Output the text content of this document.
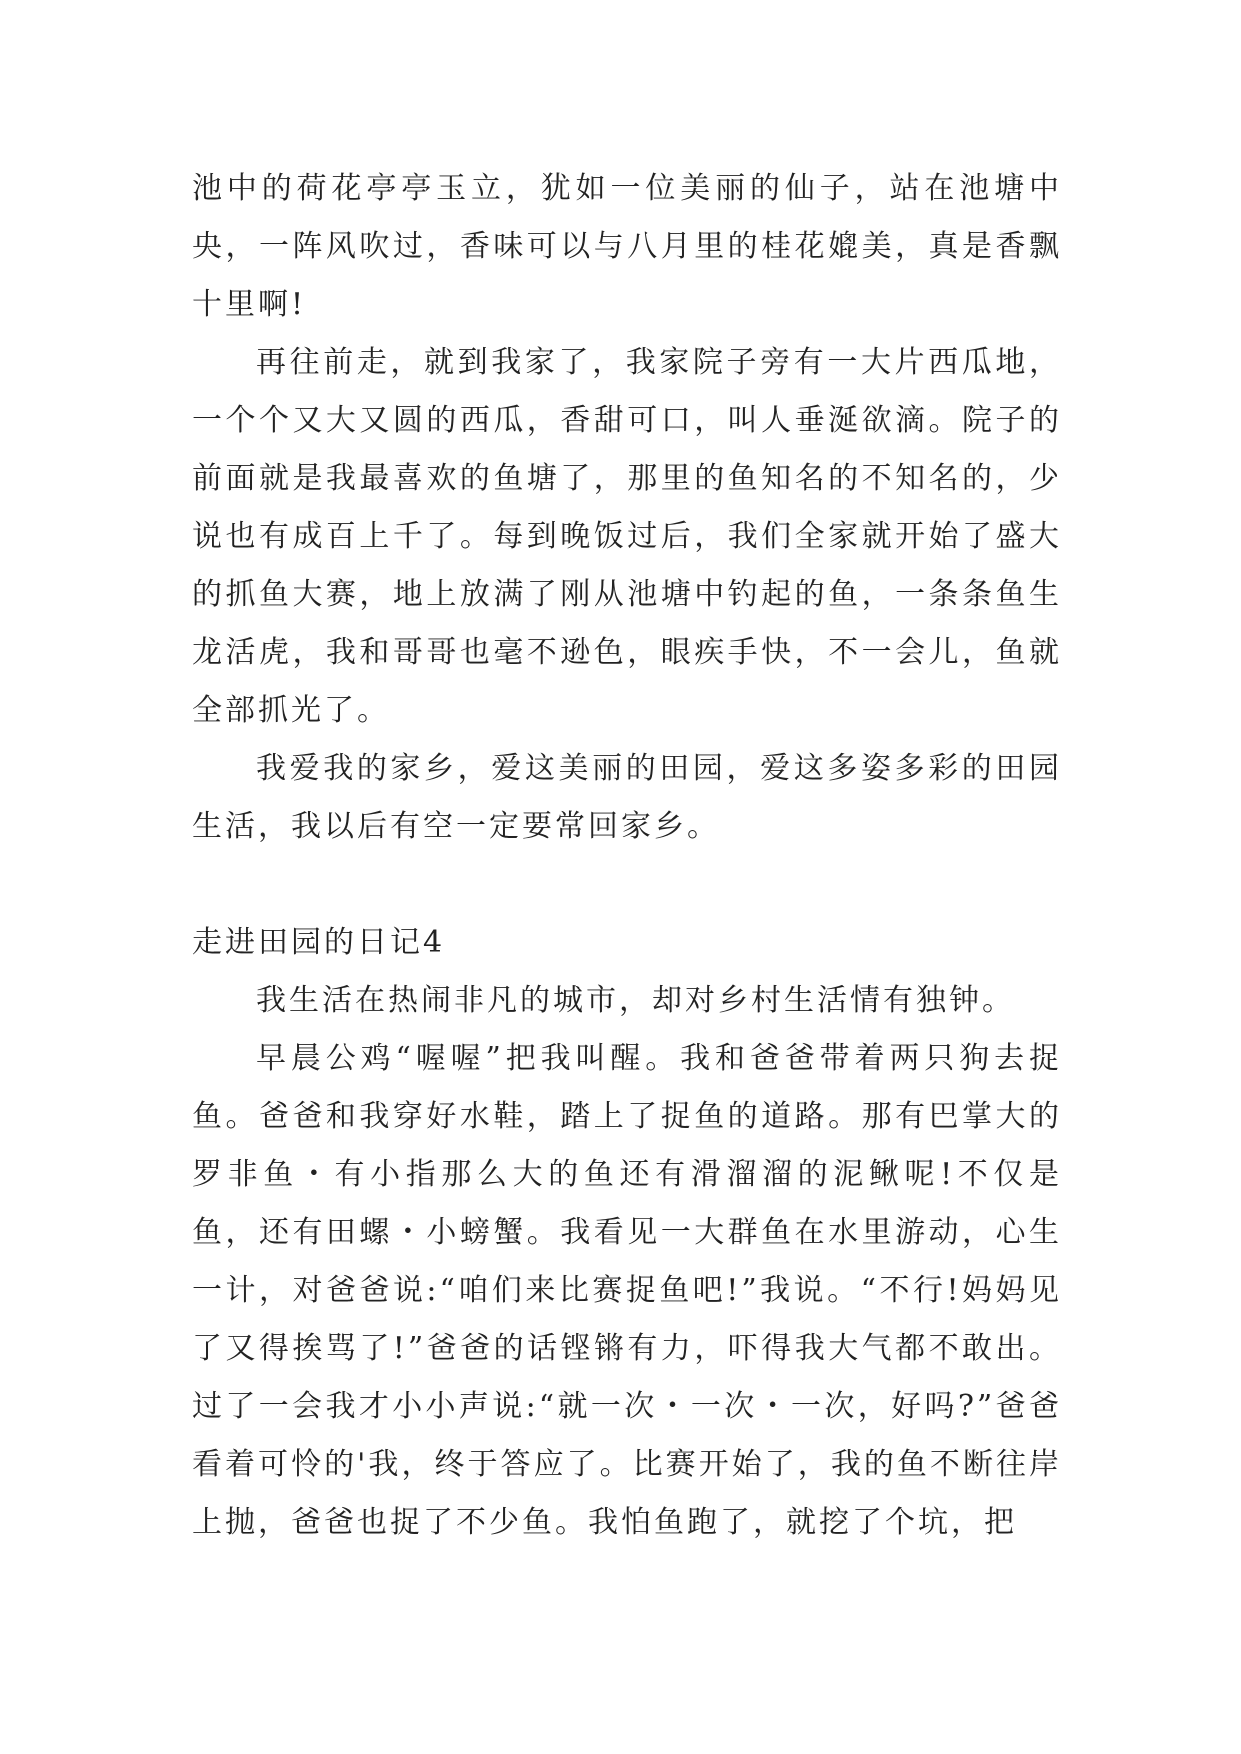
池中的荷花亭亭玉立，犹如一位美丽的仙子，站在池塘中央，一阵风吹过，香味可以与八月里的桂花媲美，真是香飘十里啊!

再往前走，就到我家了，我家院子旁有一大片西瓜地，一个个又大又圆的西瓜，香甜可口，叫人垂涎欲滴。院子的前面就是我最喜欢的鱼塘了，那里的鱼知名的不知名的，少说也有成百上千了。每到晚饭过后，我们全家就开始了盛大的抓鱼大赛，地上放满了刚从池塘中钓起的鱼，一条条鱼生龙活虎，我和哥哥也毫不逊色，眼疾手快，不一会儿，鱼就全部抓光了。

我爱我的家乡，爱这美丽的田园，爱这多姿多彩的田园生活，我以后有空一定要常回家乡。

走进田园的日记4

我生活在热闹非凡的城市，却对乡村生活情有独钟。

早晨公鸡“喔喔”把我叫醒。我和爸爸带着两只狗去捉鱼。爸爸和我穿好水鞋，踏上了捉鱼的道路。那有巴掌大的罗非鱼・有小指那么大的鱼还有滑溜溜的泥鳅呢!不仅是鱼，还有田螺・小螃蟹。我看见一大群鱼在水里游动，心生一计，对爸爸说:“咱们来比赛捉鱼吧!”我说。“不行!妈妈见了又得挨骂了!”爸爸的话铿锵有力，吓得我大气都不敢出。过了一会我才小小声说:“就一次・一次・一次，好吗?”爸爸看着可怜的'我，终于答应了。比赛开始了，我的鱼不断往岸上抛，爸爸也捉了不少鱼。我怕鱼跑了，就挖了个坑，把
